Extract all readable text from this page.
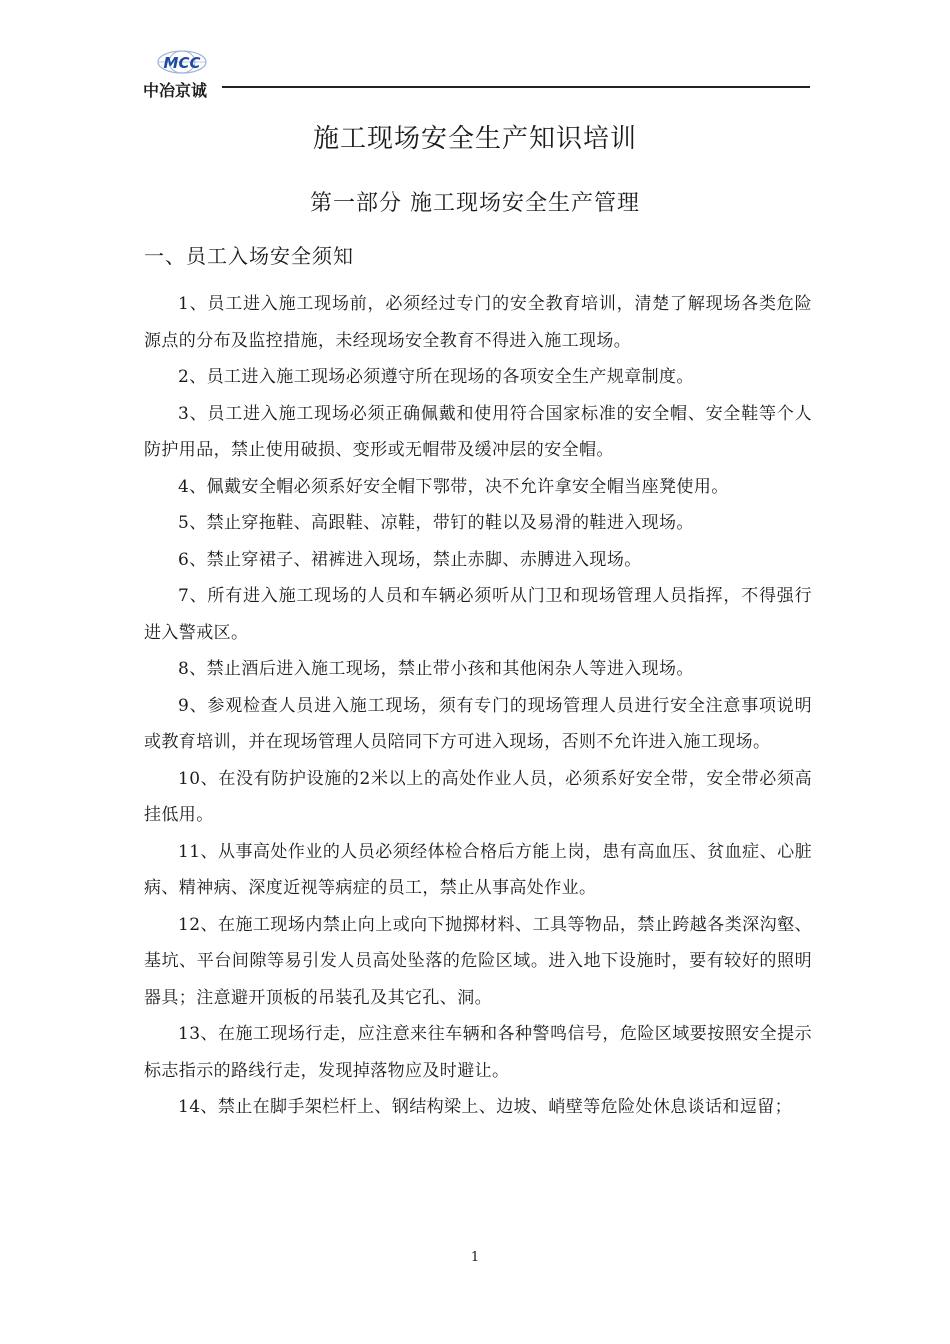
MCC
中冶京诚
施工现场安全生产知识培训
第一部分 施工现场安全生产管理
一、员工入场安全须知

1、员工进入施工现场前，必须经过专门的安全教育培训，清楚了解现场各类危险源点的分布及监控措施，未经现场安全教育不得进入施工现场。

2、员工进入施工现场必须遵守所在现场的各项安全生产规章制度。

3、员工进入施工现场必须正确佩戴和使用符合国家标准的安全帽、安全鞋等个人防护用品，禁止使用破损、变形或无帽带及缓冲层的安全帽。

4、佩戴安全帽必须系好安全帽下鄂带，决不允许拿安全帽当座凳使用。

5、禁止穿拖鞋、高跟鞋、凉鞋，带钉的鞋以及易滑的鞋进入现场。

6、禁止穿裙子、裙裤进入现场，禁止赤脚、赤膊进入现场。

7、所有进入施工现场的人员和车辆必须听从门卫和现场管理人员指挥，不得强行进入警戒区。

8、禁止酒后进入施工现场，禁止带小孩和其他闲杂人等进入现场。

9、参观检查人员进入施工现场，须有专门的现场管理人员进行安全注意事项说明或教育培训，并在现场管理人员陪同下方可进入现场，否则不允许进入施工现场。

10、在没有防护设施的2米以上的高处作业人员，必须系好安全带，安全带必须高挂低用。

11、从事高处作业的人员必须经体检合格后方能上岗，患有高血压、贫血症、心脏病、精神病、深度近视等病症的员工，禁止从事高处作业。

12、在施工现场内禁止向上或向下抛掷材料、工具等物品，禁止跨越各类深沟壑、基坑、平台间隙等易引发人员高处坠落的危险区域。进入地下设施时，要有较好的照明器具；注意避开顶板的吊装孔及其它孔、洞。

13、在施工现场行走，应注意来往车辆和各种警鸣信号，危险区域要按照安全提示标志指示的路线行走，发现掉落物应及时避让。

14、禁止在脚手架栏杆上、钢结构梁上、边坡、峭壁等危险处休息谈话和逗留；

1
